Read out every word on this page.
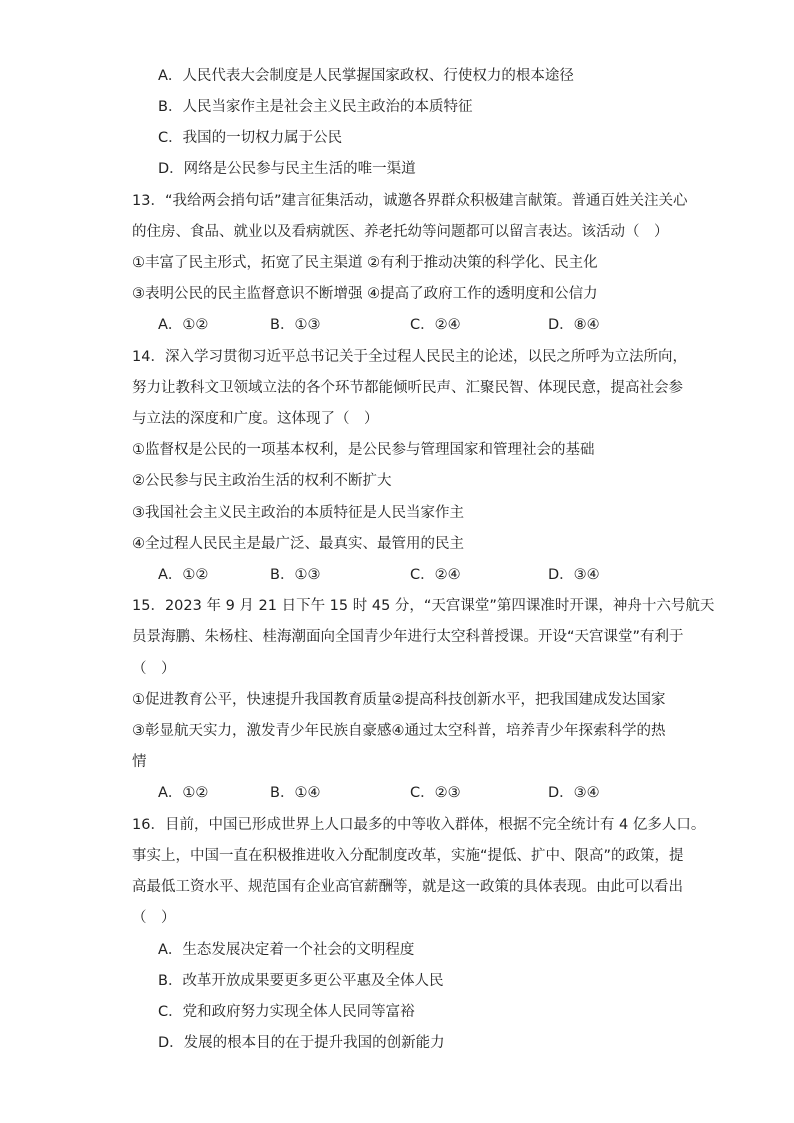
A．人民代表大会制度是人民掌握国家政权、行使权力的根本途径
B．人民当家作主是社会主义民主政治的本质特征
C．我国的一切权力属于公民
D．网络是公民参与民主生活的唯一渠道
13．“我给两会捎句话”建言征集活动，诚邀各界群众积极建言献策。普通百姓关注关心
的住房、食品、就业以及看病就医、养老托幼等问题都可以留言表达。该活动（　）
①丰富了民主形式，拓宽了民主渠道 ②有利于推动决策的科学化、民主化
③表明公民的民主监督意识不断增强 ④提高了政府工作的透明度和公信力
A．①②	B．①③	C．②④	D．⑧④
14．深入学习贯彻习近平总书记关于全过程人民民主的论述，以民之所呼为立法所向，
努力让教科文卫领域立法的各个环节都能倾听民声、汇聚民智、体现民意，提高社会参
与立法的深度和广度。这体现了（　）
①监督权是公民的一项基本权利，是公民参与管理国家和管理社会的基础
②公民参与民主政治生活的权利不断扩大
③我国社会主义民主政治的本质特征是人民当家作主
④全过程人民民主是最广泛、最真实、最管用的民主
A．①②	B．①③	C．②④	D．③④
15．2023 年 9 月 21 日下午 15 时 45 分，“天宫课堂”第四课准时开课，神舟十六号航天
员景海鹏、朱杨柱、桂海潮面向全国青少年进行太空科普授课。开设“天宫课堂”有利于
（　）
①促进教育公平，快速提升我国教育质量②提高科技创新水平，把我国建成发达国家
③彰显航天实力，激发青少年民族自豪感④通过太空科普，培养青少年探索科学的热
情
A．①②	B．①④	C．②③	D．③④
16．目前，中国已形成世界上人口最多的中等收入群体，根据不完全统计有 4 亿多人口。
事实上，中国一直在积极推进收入分配制度改革，实施“提低、扩中、限高”的政策，提
高最低工资水平、规范国有企业高官薪酬等，就是这一政策的具体表现。由此可以看出
（　）
A．生态发展决定着一个社会的文明程度
B．改革开放成果要更多更公平惠及全体人民
C．党和政府努力实现全体人民同等富裕
D．发展的根本目的在于提升我国的创新能力
